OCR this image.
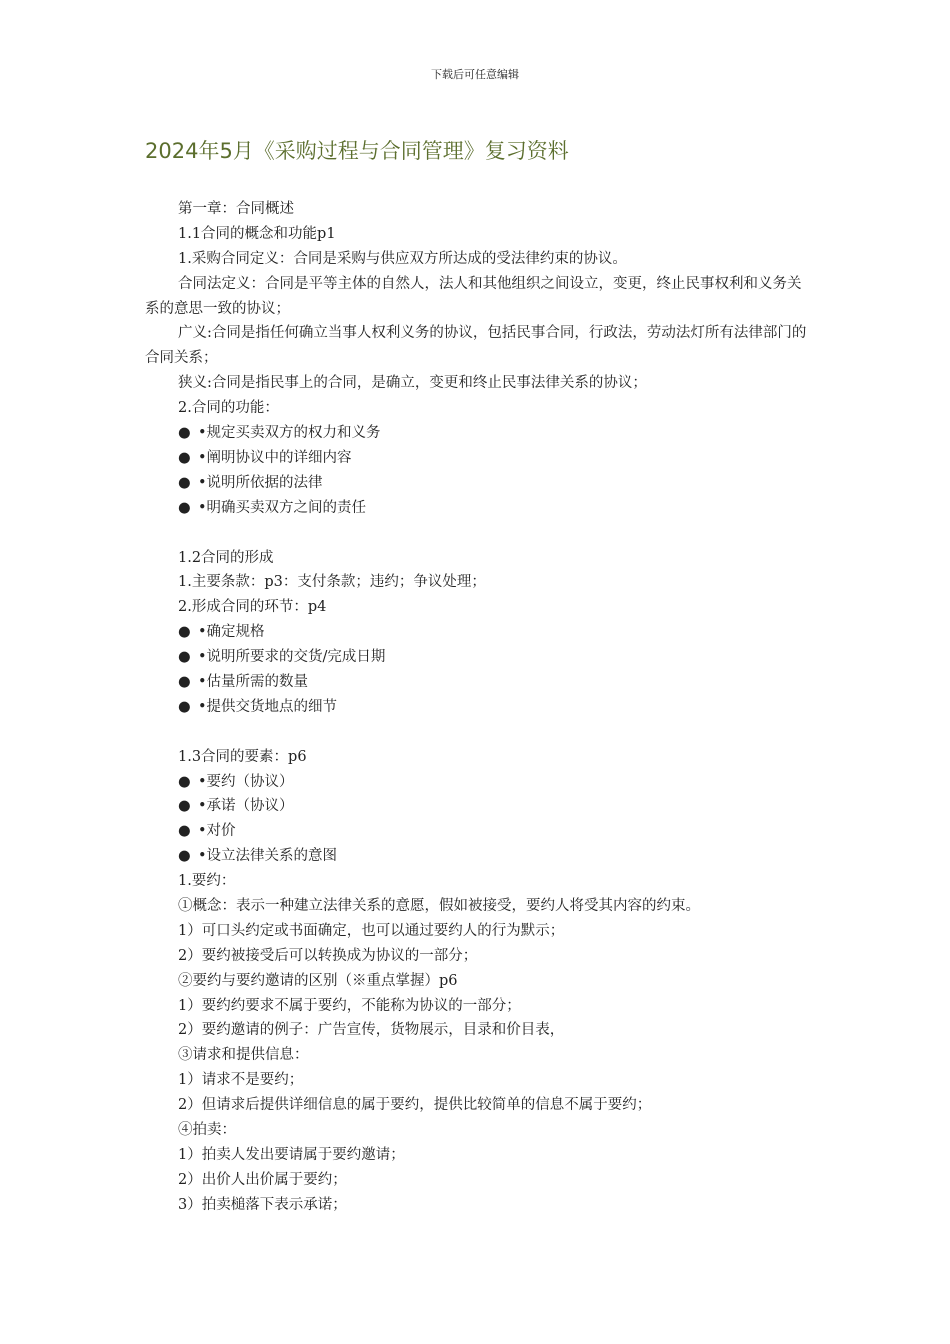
下载后可任意编辑
2024年5月《采购过程与合同管理》复习资料
第一章：合同概述
1.1合同的概念和功能p1
1.采购合同定义：合同是采购与供应双方所达成的受法律约束的协议。
合同法定义：合同是平等主体的自然人，法人和其他组织之间设立，变更，终止民事权利和义务关系的意思一致的协议；
广义:合同是指任何确立当事人权利义务的协议，包括民事合同，行政法，劳动法灯所有法律部门的合同关系；
狭义:合同是指民事上的合同，是确立，变更和终止民事法律关系的协议；
2.合同的功能：
● •规定买卖双方的权力和义务
● •阐明协议中的详细内容
● •说明所依据的法律
● •明确买卖双方之间的责任
1.2合同的形成
1.主要条款：p3：支付条款；违约；争议处理；
2.形成合同的环节：p4
● •确定规格
● •说明所要求的交货/完成日期
● •估量所需的数量
● •提供交货地点的细节
1.3合同的要素：p6
● •要约（协议）
● •承诺（协议）
● •对价
● •设立法律关系的意图
1.要约：
①概念：表示一种建立法律关系的意愿，假如被接受，要约人将受其内容的约束。
1）可口头约定或书面确定，也可以通过要约人的行为默示；
2）要约被接受后可以转换成为协议的一部分；
②要约与要约邀请的区别（※重点掌握）p6
1）要约约要求不属于要约，不能称为协议的一部分；
2）要约邀请的例子：广告宣传，货物展示，目录和价目表，
③请求和提供信息：
1）请求不是要约；
2）但请求后提供详细信息的属于要约，提供比较简单的信息不属于要约；
④拍卖：
1）拍卖人发出要请属于要约邀请；
2）出价人出价属于要约；
3）拍卖槌落下表示承诺；
